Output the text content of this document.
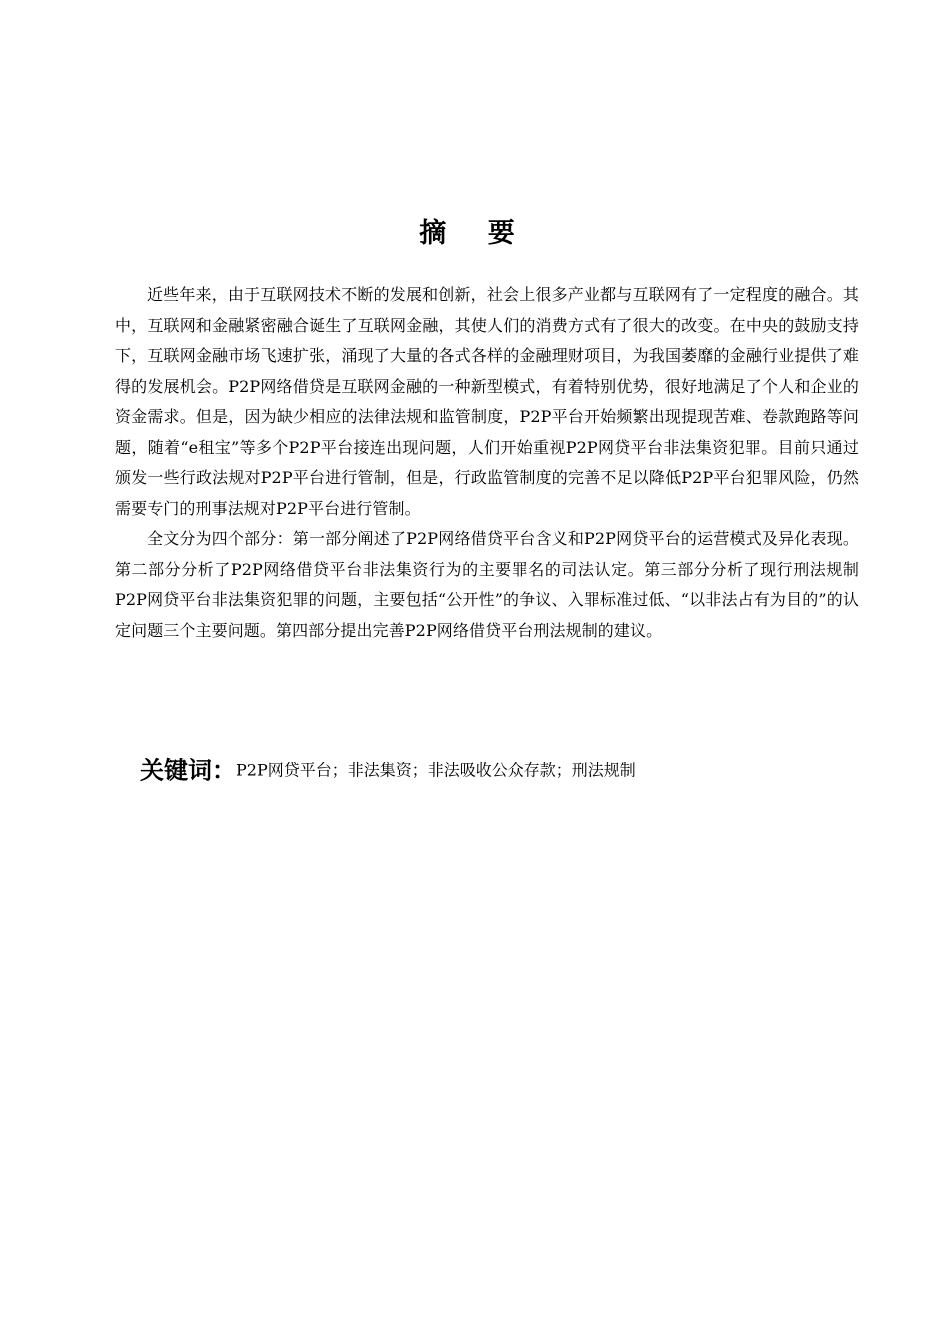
摘 要

近些年来，由于互联网技术不断的发展和创新，社会上很多产业都与互联网有了一定程度的融合。其中，互联网和金融紧密融合诞生了互联网金融，其使人们的消费方式有了很大的改变。在中央的鼓励支持下，互联网金融市场飞速扩张，涌现了大量的各式各样的金融理财项目，为我国萎靡的金融行业提供了难得的发展机会。P2P网络借贷是互联网金融的一种新型模式，有着特别优势，很好地满足了个人和企业的资金需求。但是，因为缺少相应的法律法规和监管制度，P2P平台开始频繁出现提现苦难、卷款跑路等问题，随着“e租宝”等多个P2P平台接连出现问题，人们开始重视P2P网贷平台非法集资犯罪。目前只通过颁发一些行政法规对P2P平台进行管制，但是，行政监管制度的完善不足以降低P2P平台犯罪风险，仍然需要专门的刑事法规对P2P平台进行管制。

全文分为四个部分：第一部分阐述了P2P网络借贷平台含义和P2P网贷平台的运营模式及异化表现。第二部分分析了P2P网络借贷平台非法集资行为的主要罪名的司法认定。第三部分分析了现行刑法规制P2P网贷平台非法集资犯罪的问题，主要包括“公开性”的争议、入罪标准过低、“以非法占有为目的”的认定问题三个主要问题。第四部分提出完善P2P网络借贷平台刑法规制的建议。

关键词：P2P网贷平台；非法集资；非法吸收公众存款；刑法规制
